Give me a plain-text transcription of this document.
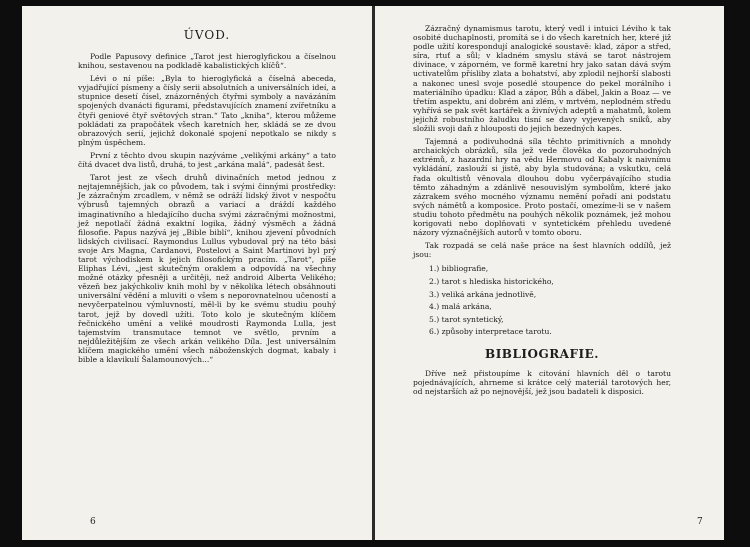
ÚVOD.

Podle Papusovy definice „Tarot jest hieroglyfickou a číselnou knihou, sestavenou na podkladě kabalistických klíčů“.

Lévi o ní píše: „Byla to hieroglyfická a číselná abeceda, vyjadřující písmeny a čísly serii absolutních a universálních ideí, a stupnice desetí čísel, znázorněných čtyřmi symboly a navázáním spojených dvanácti figurami, představujících znamení zvířetníku a čtyři geniové čtyř světových stran.“ Tato „kniha“, kterou můžeme pokládati za prapočátek všech karetních her, skládá se ze dvou obrazových serií, jejichž dokonalé spojení nepotkalo se nikdy s plným úspěchem.

První z těchto dvou skupin nazýváme „velikými arkány“ a tato čítá dvacet dva listů, druhá, to jest „arkána malá“, padesát šest.

Tarot jest ze všech druhů divinačních metod jednou z nejtajemnějších, jak co původem, tak i svými činnými prostředky: Je zázračným zrcadlem, v němž se odráží lidský život v nespočtu výbrusů tajemných obrazů a variací a dráždí každého imaginativního a hledajícího ducha svými zázračnými možnostmi, jež nepotlačí žádná exaktní logika, žádný výsměch a žádná filosofie. Papus nazývá jej „Bible biblí“, knihou zjevení původních lidských civilisací. Raymondus Lullus vybudoval prý na této bási svoje Ars Magna, Cardanovi, Postelovi a Saint Martinovi byl prý tarot východiskem k jejich filosofickým pracím. „Tarot“, píše Eliphas Lévi, „jest skutečným oraklem a odpovídá na všechny možné otázky přesněji a určitěji, než android Alberta Velikého; vězeň bez jakýchkoliv knih mohl by v několika létech obsáhnouti universální vědění a mluviti o všem s neporovnatelnou učeností a nevyčerpatelnou výmluvností, měl-li by ke svému studiu pouhý tarot, jejž by dovedl užíti. Toto kolo je skutečným klíčem řečnického umění a veliké moudrosti Raymonda Lulla, jest tajemstvím transmutace temnot ve světlo, prvním a nejdůležitějším ze všech arkán velikého Díla. Jest universálním klíčem magického umění všech náboženských dogmat, kabaly i bible a klavikulí Šalamounových...“

6

Zázračný dynamismus tarotu, který vedl i intuici Léviho k tak osobité duchaplnosti, promítá se i do všech karetních her, které již podle užití korespondují analogické soustavě: klad, zápor a střed, síra, rtuť a sůl; v kladném smyslu stává se tarot nástrojem divinace, v záporném, ve formě karetní hry jako satan dává svým uctivatelům přísliby zlata a bohatství, aby zplodil nejhorší slabosti a nakonec unesl svoje posedlé stoupence do pekel morálního i materiálního úpadku: Klad a zápor, Bůh a ďábel, Jakin a Boaz — ve třetím aspektu, ani dobrém ani zlém, v mrtvém, neplodném středu vyhřívá se pak svět kartářek a živnívých adeptů a mahatmů, kolem jejichž robustního žaludku tisní se davy vyjevených sniků, aby složili svoji daň z hlouposti do jejich bezedných kapes.

Tajemná a podivuhodná síla těchto primitivních a mnohdy archaických obrázků, síla jež vede člověka do pozoruhodných extrémů, z hazardní hry na vědu Hermovu od Kabaly k naivnímu vykládání, zaslouží si jistě, aby byla studována; a vskutku, celá řada okultistů věnovala dlouhou dobu vyčerpávajícího studia těmto záhadným a zdánlivě nesouvislým symbolům, které jako zázrakem svého mocného významu nemění pořadí ani podstatu svých námětů a komposice. Proto postačí, omezíme-li se v našem studiu tohoto předmětu na pouhých několik poznámek, jež mohou korigovati nebo doplňovati v syntetickém přehledu uvedené názory význačnějších autorů v tomto oboru.

Tak rozpadá se celá naše práce na šest hlavních oddílů, jež jsou:

1.) bibliografie,
2.) tarot s hlediska historického,
3.) veliká arkána jednotlivě,
4.) malá arkána,
5.) tarot syntetický,
6.) způsoby interpretace tarotu.
BIBLIOGRAFIE.

Dříve než přistoupíme k citování hlavních děl o tarotu pojednávajících, ahrneme si krátce celý materiál tarotových her, od nejstarších až po nejnovější, jež jsou badateli k disposici.

7
